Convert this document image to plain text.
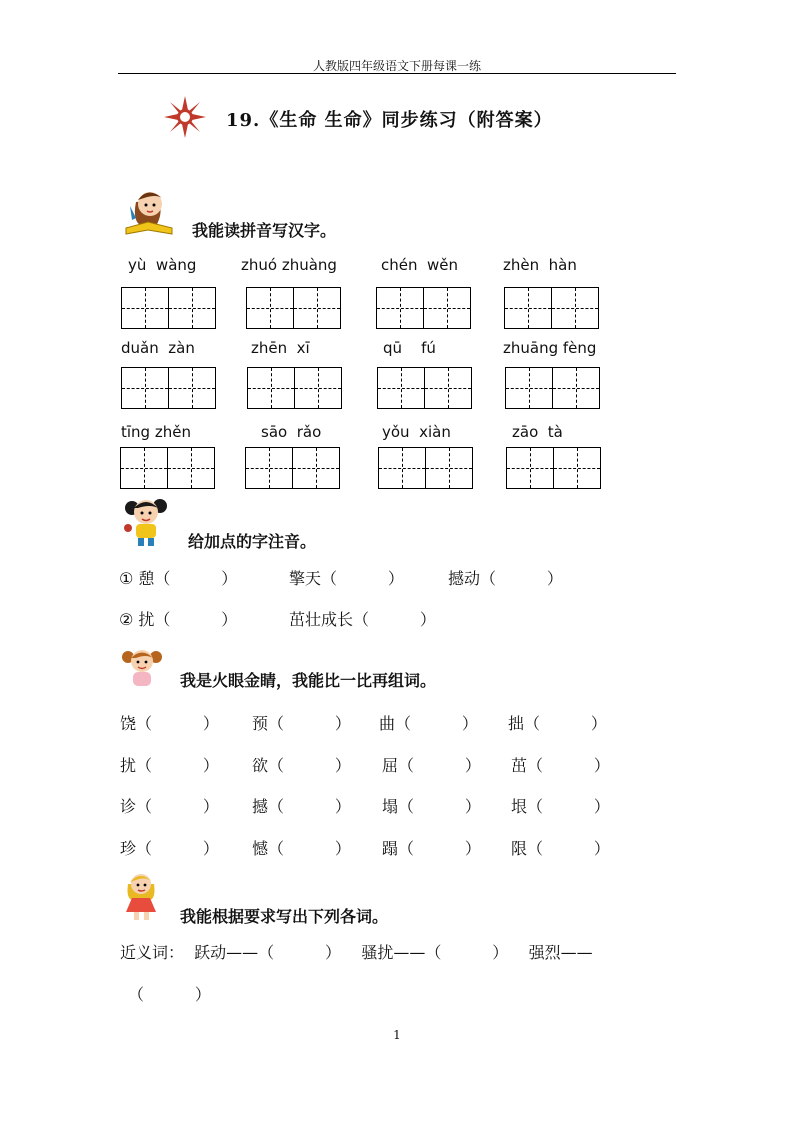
人教版四年级语文下册每课一练
19.《生命 生命》同步练习（附答案）
我能读拼音写汉字。
yù  wàng	zhuó zhuàng	chén  wěn	zhèn  hàn
duǎn  zàn	zhēn  xī	qū    fú	zhuāng fèng
tīng zhěn	sāo  rǎo	yǒu  xiàn	zāo  tà
给加点的字注音。
① 憩（          ）	擎天（          ）	撼动（          ）
② 扰（          ）	茁壮成长（          ）
我是火眼金睛，我能比一比再组词。
饶（          ） 预（          ） 曲（          ） 拙（          ）
扰（          ） 欲（          ） 屈（          ） 茁（          ）
诊（          ） 撼（          ） 塌（          ） 垠（          ）
珍（          ） 憾（          ） 蹋（          ） 限（          ）
我能根据要求写出下列各词。
近义词：  跃动——（          ）    骚扰——（          ）    强烈——
（          ）
1
